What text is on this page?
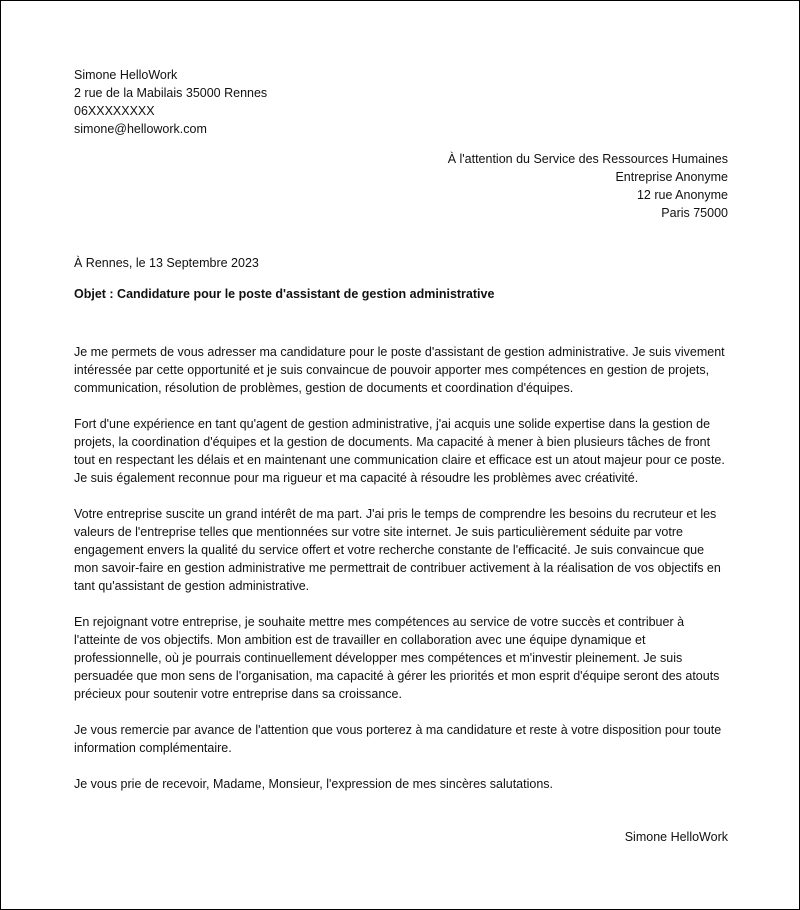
Simone HelloWork
2 rue de la Mabilais 35000 Rennes
06XXXXXXXX
simone@hellowork.com
À l'attention du Service des Ressources Humaines
Entreprise Anonyme
12 rue Anonyme
Paris 75000
À Rennes, le 13 Septembre 2023
Objet : Candidature pour le poste d'assistant de gestion administrative

Je me permets de vous adresser ma candidature pour le poste d'assistant de gestion administrative. Je suis vivement intéressée par cette opportunité et je suis convaincue de pouvoir apporter mes compétences en gestion de projets, communication, résolution de problèmes, gestion de documents et coordination d'équipes.

Fort d'une expérience en tant qu'agent de gestion administrative, j'ai acquis une solide expertise dans la gestion de projets, la coordination d'équipes et la gestion de documents. Ma capacité à mener à bien plusieurs tâches de front tout en respectant les délais et en maintenant une communication claire et efficace est un atout majeur pour ce poste. Je suis également reconnue pour ma rigueur et ma capacité à résoudre les problèmes avec créativité.

Votre entreprise suscite un grand intérêt de ma part. J'ai pris le temps de comprendre les besoins du recruteur et les valeurs de l'entreprise telles que mentionnées sur votre site internet. Je suis particulièrement séduite par votre engagement envers la qualité du service offert et votre recherche constante de l'efficacité. Je suis convaincue que mon savoir-faire en gestion administrative me permettrait de contribuer activement à la réalisation de vos objectifs en tant qu'assistant de gestion administrative.

En rejoignant votre entreprise, je souhaite mettre mes compétences au service de votre succès et contribuer à l'atteinte de vos objectifs. Mon ambition est de travailler en collaboration avec une équipe dynamique et professionnelle, où je pourrais continuellement développer mes compétences et m'investir pleinement. Je suis persuadée que mon sens de l'organisation, ma capacité à gérer les priorités et mon esprit d'équipe seront des atouts précieux pour soutenir votre entreprise dans sa croissance.

Je vous remercie par avance de l'attention que vous porterez à ma candidature et reste à votre disposition pour toute information complémentaire.

Je vous prie de recevoir, Madame, Monsieur, l'expression de mes sincères salutations.

Simone HelloWork
